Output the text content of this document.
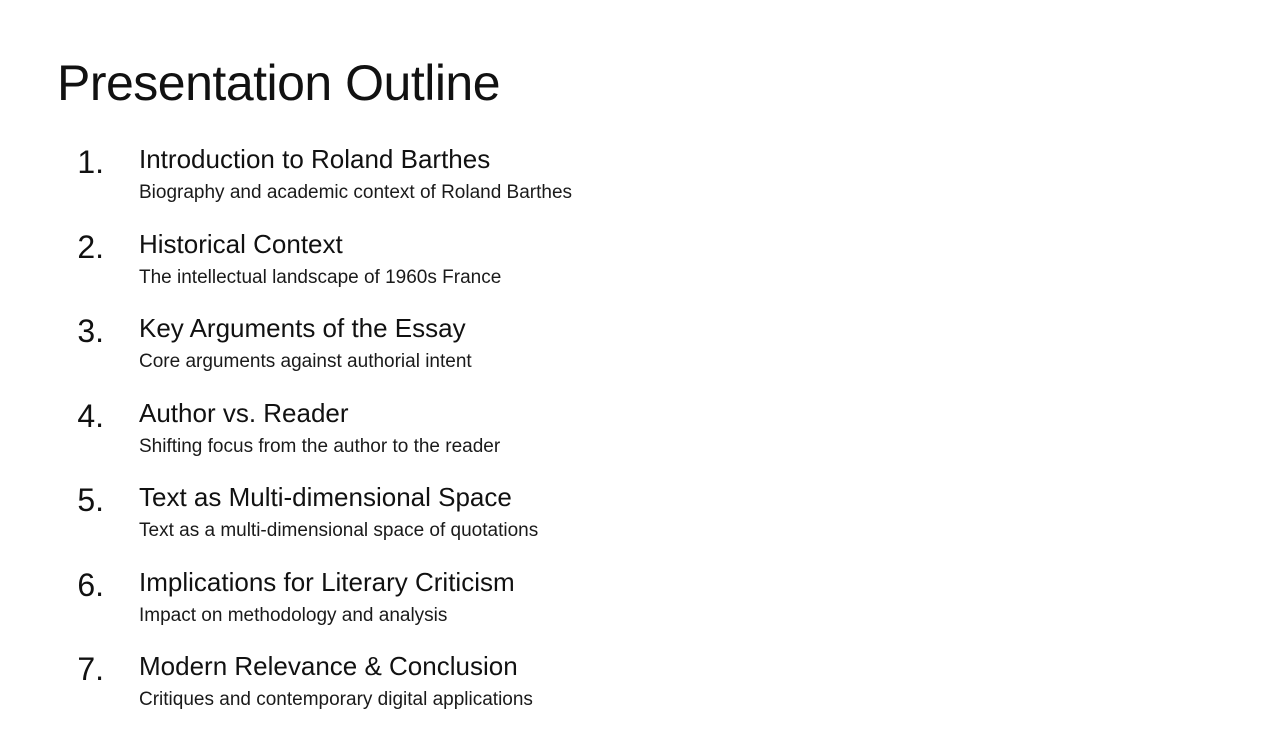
Presentation Outline
1. Introduction to Roland Barthes
Biography and academic context of Roland Barthes
2. Historical Context
The intellectual landscape of 1960s France
3. Key Arguments of the Essay
Core arguments against authorial intent
4. Author vs. Reader
Shifting focus from the author to the reader
5. Text as Multi-dimensional Space
Text as a multi-dimensional space of quotations
6. Implications for Literary Criticism
Impact on methodology and analysis
7. Modern Relevance & Conclusion
Critiques and contemporary digital applications
